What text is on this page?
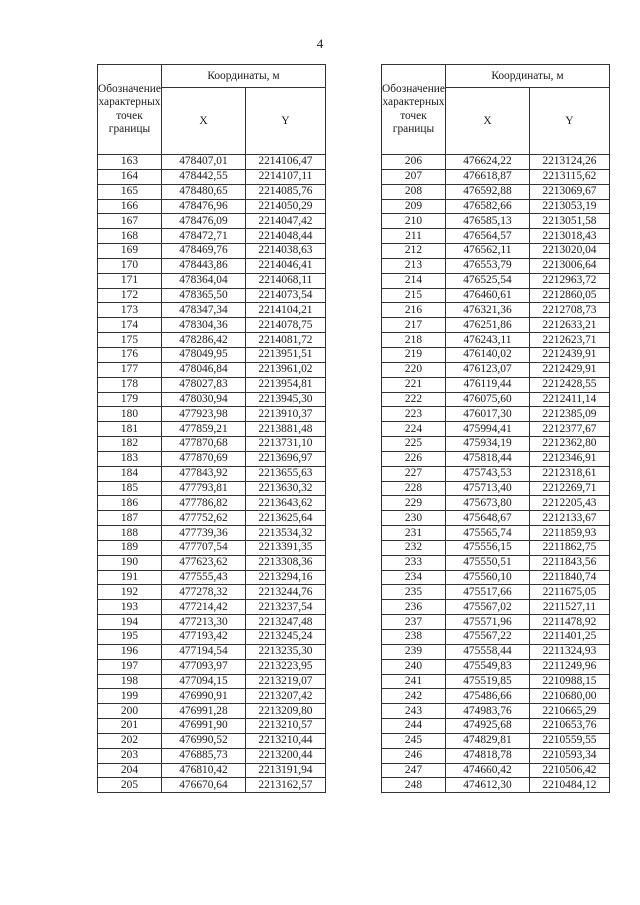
4
Обозначение характерных точек границы	Координаты, м	
	X	Y
163	478407,01	2214106,47
164	478442,55	2214107,11
165	478480,65	2214085,76
166	478476,96	2214050,29
167	478476,09	2214047,42
168	478472,71	2214048,44
169	478469,76	2214038,63
170	478443,86	2214046,41
171	478364,04	2214068,11
172	478365,50	2214073,54
173	478347,34	2214104,21
174	478304,36	2214078,75
175	478286,42	2214081,72
176	478049,95	2213951,51
177	478046,84	2213961,02
178	478027,83	2213954,81
179	478030,94	2213945,30
180	477923,98	2213910,37
181	477859,21	2213881,48
182	477870,68	2213731,10
183	477870,69	2213696,97
184	477843,92	2213655,63
185	477793,81	2213630,32
186	477786,82	2213643,62
187	477752,62	2213625,64
188	477739,36	2213534,32
189	477707,54	2213391,35
190	477623,62	2213308,36
191	477555,43	2213294,16
192	477278,32	2213244,76
193	477214,42	2213237,54
194	477213,30	2213247,48
195	477193,42	2213245,24
196	477194,54	2213235,30
197	477093,97	2213223,95
198	477094,15	2213219,07
199	476990,91	2213207,42
200	476991,28	2213209,80
201	476991,90	2213210,57
202	476990,52	2213210,44
203	476885,73	2213200,44
204	476810,42	2213191,94
205	476670,64	2213162,57
Обозначение характерных точек границы	Координаты, м	
	X	Y
206	476624,22	2213124,26
207	476618,87	2213115,62
208	476592,88	2213069,67
209	476582,66	2213053,19
210	476585,13	2213051,58
211	476564,57	2213018,43
212	476562,11	2213020,04
213	476553,79	2213006,64
214	476525,54	2212963,72
215	476460,61	2212860,05
216	476321,36	2212708,73
217	476251,86	2212633,21
218	476243,11	2212623,71
219	476140,02	2212439,91
220	476123,07	2212429,91
221	476119,44	2212428,55
222	476075,60	2212411,14
223	476017,30	2212385,09
224	475994,41	2212377,67
225	475934,19	2212362,80
226	475818,44	2212346,91
227	475743,53	2212318,61
228	475713,40	2212269,71
229	475673,80	2212205,43
230	475648,67	2212133,67
231	475565,74	2211859,93
232	475556,15	2211862,75
233	475550,51	2211843,56
234	475560,10	2211840,74
235	475517,66	2211675,05
236	475567,02	2211527,11
237	475571,96	2211478,92
238	475567,22	2211401,25
239	475558,44	2211324,93
240	475549,83	2211249,96
241	475519,85	2210988,15
242	475486,66	2210680,00
243	474983,76	2210665,29
244	474925,68	2210653,76
245	474829,81	2210559,55
246	474818,78	2210593,34
247	474660,42	2210506,42
248	474612,30	2210484,12
